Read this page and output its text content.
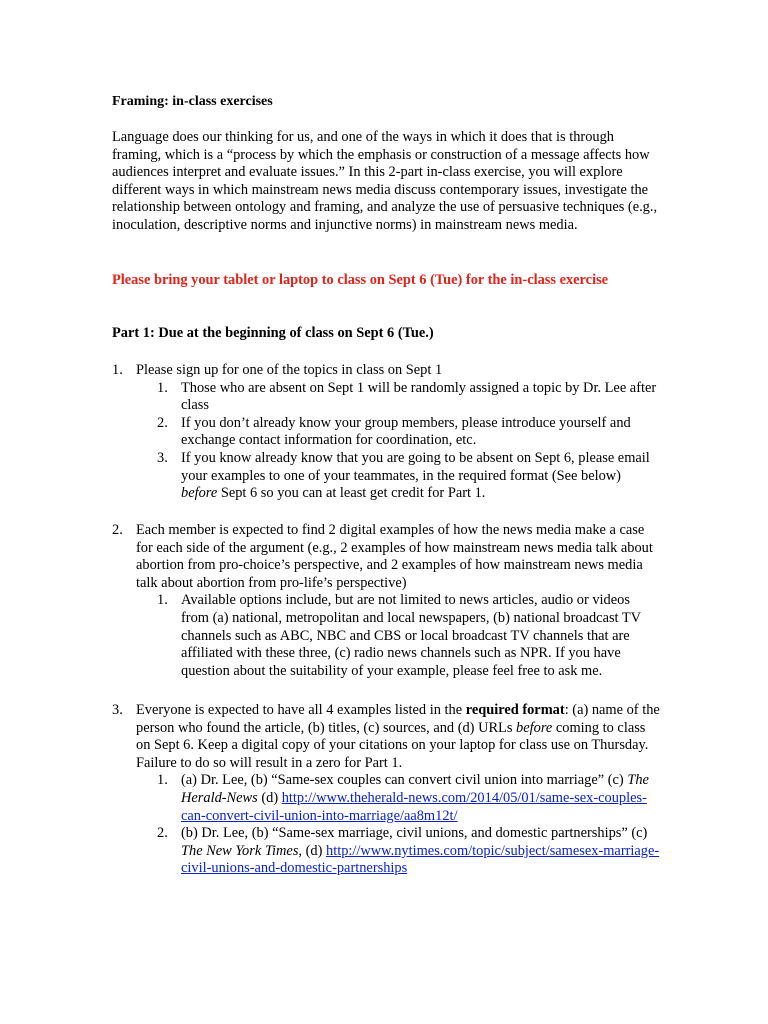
Framing: in-class exercises

Language does our thinking for us, and one of the ways in which it does that is through framing, which is a “process by which the emphasis or construction of a message affects how audiences interpret and evaluate issues.” In this 2-part in-class exercise, you will explore different ways in which mainstream news media discuss contemporary issues, investigate the relationship between ontology and framing, and analyze the use of persuasive techniques (e.g., inoculation, descriptive norms and injunctive norms) in mainstream news media.

Please bring your tablet or laptop to class on Sept 6 (Tue) for the in-class exercise

Part 1: Due at the beginning of class on Sept 6 (Tue.)

1. Please sign up for one of the topics in class on Sept 1
1. Those who are absent on Sept 1 will be randomly assigned a topic by Dr. Lee after class
2. If you don’t already know your group members, please introduce yourself and exchange contact information for coordination, etc.
3. If you know already know that you are going to be absent on Sept 6, please email your examples to one of your teammates, in the required format (See below) before Sept 6 so you can at least get credit for Part 1.
2. Each member is expected to find 2 digital examples of how the news media make a case for each side of the argument (e.g., 2 examples of how mainstream news media talk about abortion from pro-choice’s perspective, and 2 examples of how mainstream news media talk about abortion from pro-life’s perspective)
1. Available options include, but are not limited to news articles, audio or videos from (a) national, metropolitan and local newspapers, (b) national broadcast TV channels such as ABC, NBC and CBS or local broadcast TV channels that are affiliated with these three, (c) radio news channels such as NPR. If you have question about the suitability of your example, please feel free to ask me.
3. Everyone is expected to have all 4 examples listed in the required format: (a) name of the person who found the article, (b) titles, (c) sources, and (d) URLs before coming to class on Sept 6. Keep a digital copy of your citations on your laptop for class use on Thursday. Failure to do so will result in a zero for Part 1.
1. (a) Dr. Lee, (b) “Same-sex couples can convert civil union into marriage” (c) The Herald-News (d) http://www.theherald-news.com/2014/05/01/same-sex-couples-can-convert-civil-union-into-marriage/aa8m12t/
2. (b) Dr. Lee, (b) “Same-sex marriage, civil unions, and domestic partnerships” (c) The New York Times, (d) http://www.nytimes.com/topic/subject/samesex-marriage-civil-unions-and-domestic-partnerships
